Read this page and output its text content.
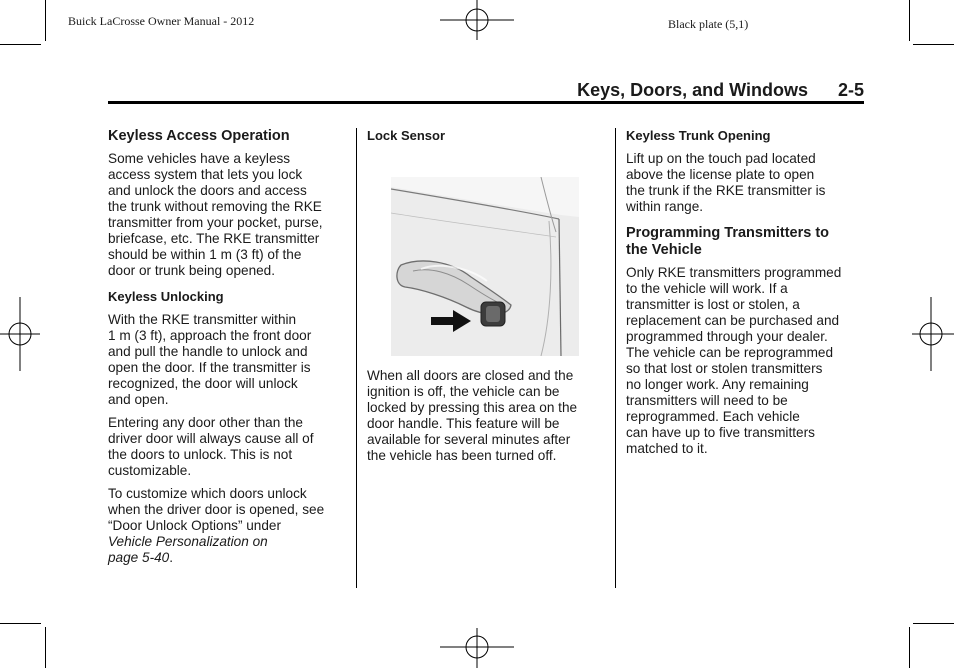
Buick LaCrosse Owner Manual - 2012	Black plate (5,1)
Keys, Doors, and Windows 2-5
Keyless Access Operation
Some vehicles have a keyless
access system that lets you lock
and unlock the doors and access
the trunk without removing the RKE
transmitter from your pocket, purse,
briefcase, etc. The RKE transmitter
should be within 1 m (3 ft) of the
door or trunk being opened.
Keyless Unlocking
With the RKE transmitter within
1 m (3 ft), approach the front door
and pull the handle to unlock and
open the door. If the transmitter is
recognized, the door will unlock
and open.
Entering any door other than the
driver door will always cause all of
the doors to unlock. This is not
customizable.
To customize which doors unlock
when the driver door is opened, see
“Door Unlock Options” under
Vehicle Personalization on
page 5-40.
Lock Sensor
When all doors are closed and the
ignition is off, the vehicle can be
locked by pressing this area on the
door handle. This feature will be
available for several minutes after
the vehicle has been turned off.
Keyless Trunk Opening
Lift up on the touch pad located
above the license plate to open
the trunk if the RKE transmitter is
within range.
Programming Transmitters to
the Vehicle
Only RKE transmitters programmed
to the vehicle will work. If a
transmitter is lost or stolen, a
replacement can be purchased and
programmed through your dealer.
The vehicle can be reprogrammed
so that lost or stolen transmitters
no longer work. Any remaining
transmitters will need to be
reprogrammed. Each vehicle
can have up to five transmitters
matched to it.
